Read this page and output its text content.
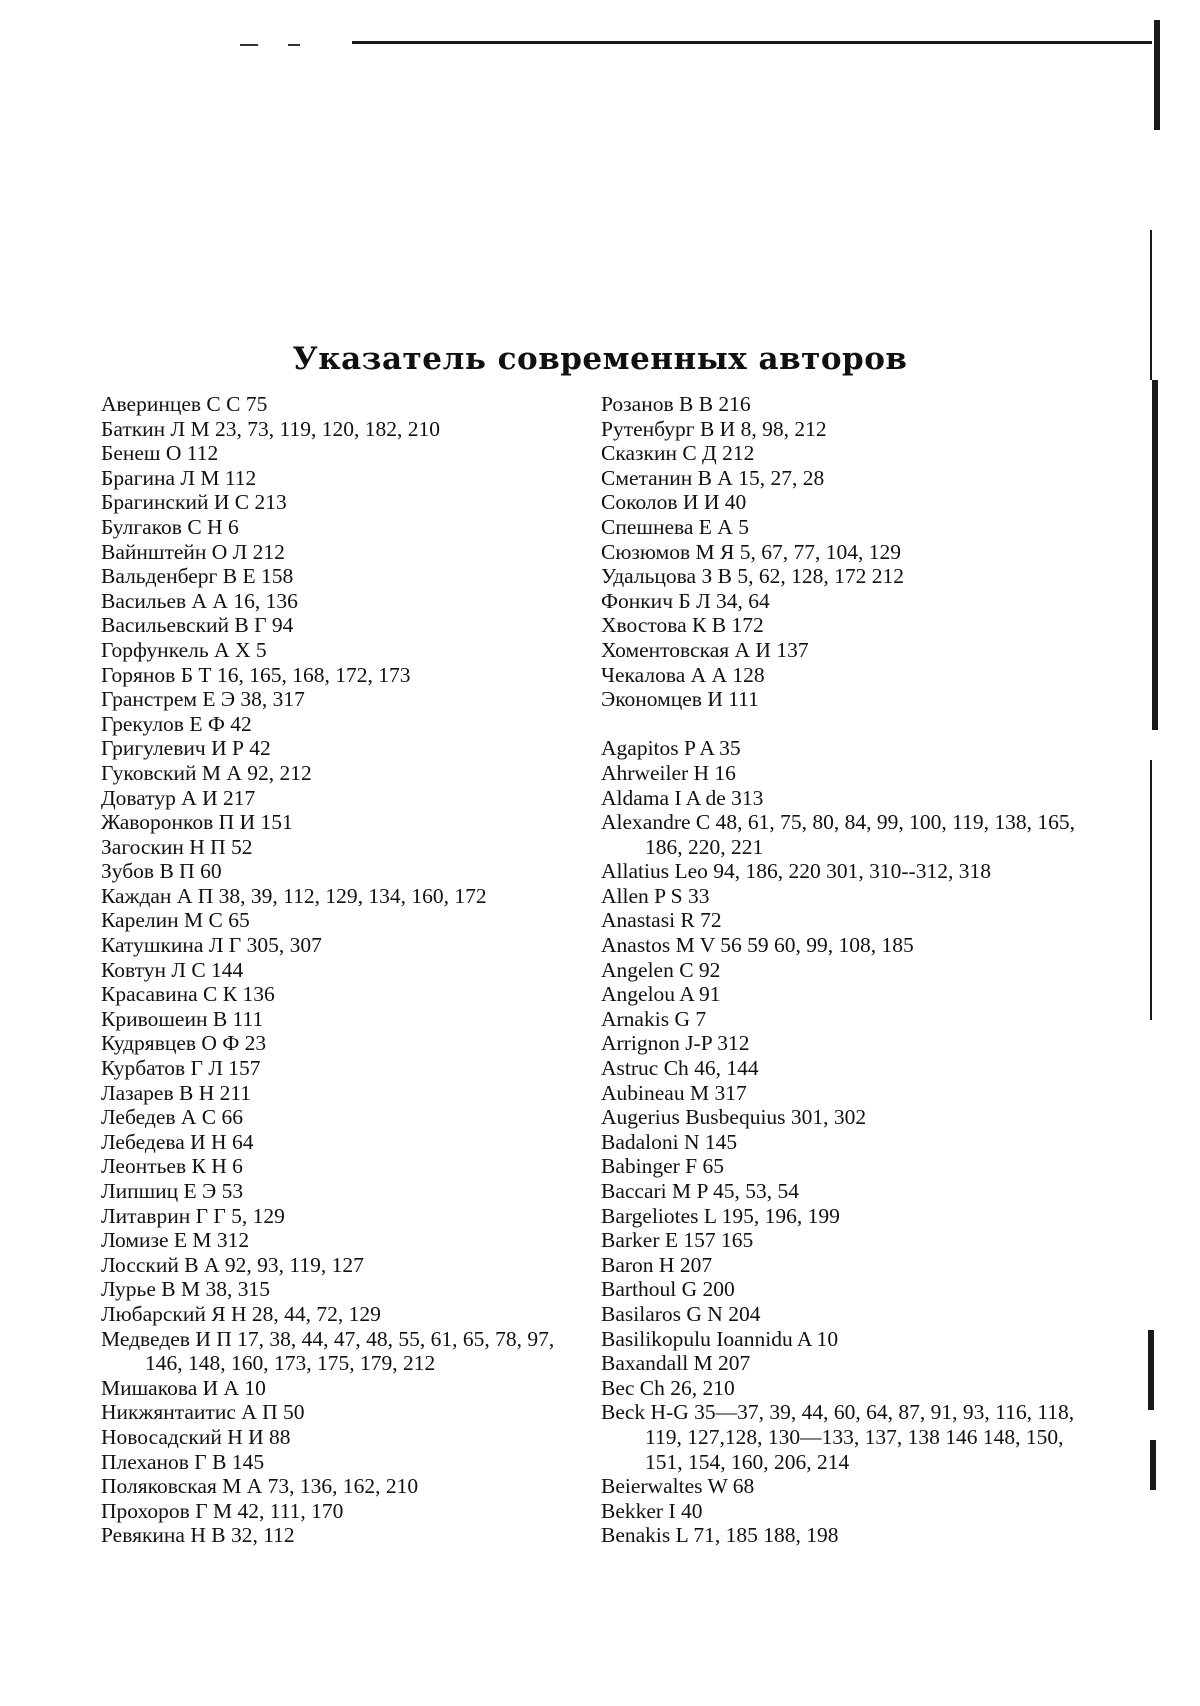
Указатель современных авторов
Аверинцев С С 75
Баткин Л М 23, 73, 119, 120, 182, 210
Бенеш О 112
Брагина Л М 112
Брагинский И С 213
Булгаков С Н 6
Вайнштейн О Л 212
Вальденберг В Е 158
Васильев А А 16, 136
Васильевский В Г 94
Горфункель А Х 5
Горянов Б Т 16, 165, 168, 172, 173
Гранстрем Е Э 38, 317
Грекулов Е Ф 42
Григулевич И Р 42
Гуковский М А 92, 212
Доватур А И 217
Жаворонков П И 151
Загоскин Н П 52
Зубов В П 60
Каждан А П 38, 39, 112, 129, 134, 160, 172
Карелин М С 65
Катушкина Л Г 305, 307
Ковтун Л С 144
Красавина С К 136
Кривошеин В 111
Кудрявцев О Ф 23
Курбатов Г Л 157
Лазарев В Н 211
Лебедев А С 66
Лебедева И Н 64
Леонтьев К Н 6
Липшиц Е Э 53
Литаврин Г Г 5, 129
Ломизе Е М 312
Лосский В А 92, 93, 119, 127
Лурье В М 38, 315
Любарский Я Н 28, 44, 72, 129
Медведев И П 17, 38, 44, 47, 48, 55, 61, 65, 78, 97, 146, 148, 160, 173, 175, 179, 212
Мишакова И А 10
Никжянтаитис А П 50
Новосадский Н И 88
Плеханов Г В 145
Поляковская М А 73, 136, 162, 210
Прохоров Г М 42, 111, 170
Ревякина Н В 32, 112
Розанов В В 216
Рутенбург В И 8, 98, 212
Сказкин С Д 212
Сметанин В А 15, 27, 28
Соколов И И 40
Спешнева Е А 5
Сюзюмов М Я 5, 67, 77, 104, 129
Удальцова З В 5, 62, 128, 172 212
Фонкич Б Л 34, 64
Хвостова К В 172
Хоментовская А И 137
Чекалова А А 128
Экономцев И 111
Agapitos P A 35
Ahrweiler H 16
Aldama I A de 313
Alexandre C 48, 61, 75, 80, 84, 99, 100, 119, 138, 165, 186, 220, 221
Allatius Leo 94, 186, 220 301, 310--312, 318
Allen P S 33
Anastasi R 72
Anastos M V 56 59 60, 99, 108, 185
Angelen C 92
Angelou A 91
Arnakis G 7
Arrignon J-P 312
Astruc Ch 46, 144
Aubineau M 317
Augerius Busbequius 301, 302
Badaloni N 145
Babinger F 65
Baccari M P 45, 53, 54
Bargeliotes L 195, 196, 199
Barker E 157 165
Baron H 207
Barthoul G 200
Basilaros G N 204
Basilikopulu Ioannidu A 10
Baxandall M 207
Bec Ch 26, 210
Beck H-G 35—37, 39, 44, 60, 64, 87, 91, 93, 116, 118, 119, 127,128, 130—133, 137, 138 146 148, 150, 151, 154, 160, 206, 214
Beierwaltes W 68
Bekker I 40
Benakis L 71, 185 188, 198
